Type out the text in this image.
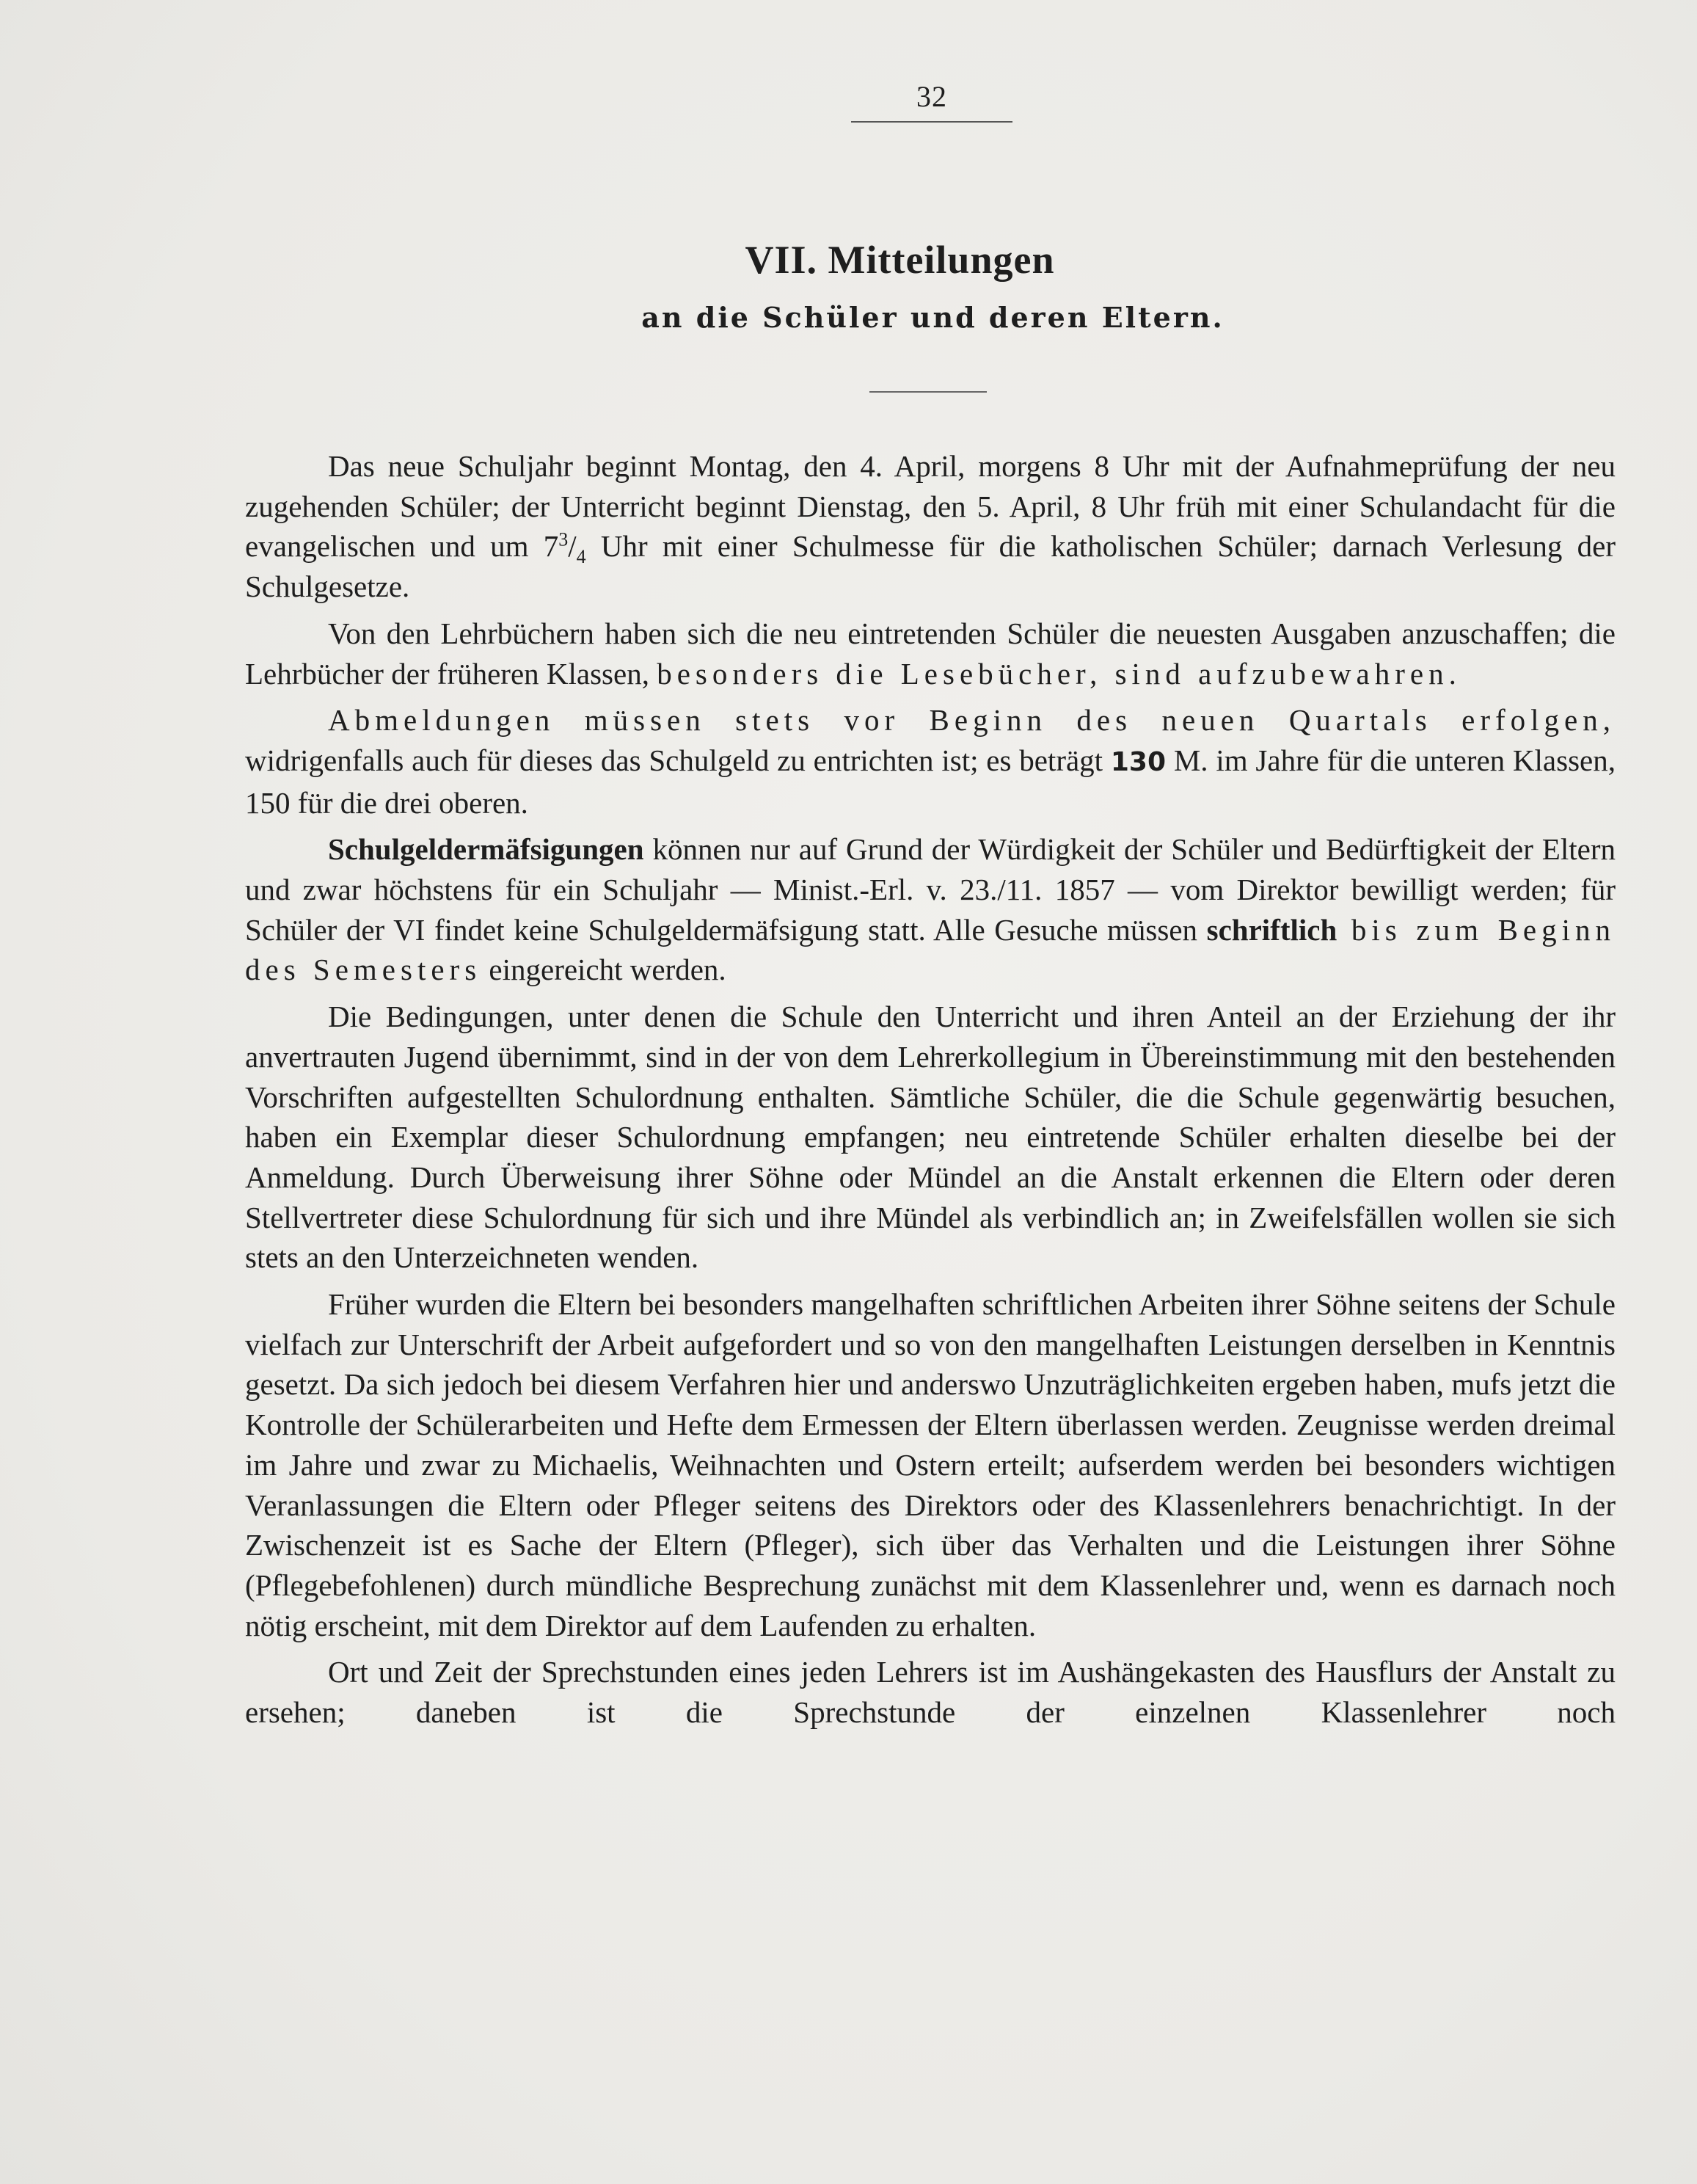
32
VII. Mitteilungen
an die Schüler und deren Eltern.

Das neue Schuljahr beginnt Montag, den 4. April, morgens 8 Uhr mit der Aufnahmeprüfung der neu zugehenden Schüler; der Unterricht beginnt Dienstag, den 5. April, 8 Uhr früh mit einer Schulandacht für die evangelischen und um $7^3/_4$ Uhr mit einer Schulmesse für die katholischen Schüler; darnach Verlesung der Schulgesetze.

Von den Lehrbüchern haben sich die neu eintretenden Schüler die neuesten Ausgaben anzuschaffen; die Lehrbücher der früheren Klassen, besonders die Lesebücher, sind aufzubewahren.

Abmeldungen müssen stets vor Beginn des neuen Quartals erfolgen, widrigenfalls auch für dieses das Schulgeld zu entrichten ist; es beträgt 130 M. im Jahre für die unteren Klassen, 150 für die drei oberen.

Schulgeldermäfsigungen können nur auf Grund der Würdigkeit der Schüler und Bedürftigkeit der Eltern und zwar höchstens für ein Schuljahr — Minist.-Erl. v. 23./11. 1857 — vom Direktor bewilligt werden; für Schüler der VI findet keine Schulgeldermäfsigung statt. Alle Gesuche müssen schriftlich bis zum Beginn des Semesters eingereicht werden.

Die Bedingungen, unter denen die Schule den Unterricht und ihren Anteil an der Erziehung der ihr anvertrauten Jugend übernimmt, sind in der von dem Lehrerkollegium in Übereinstimmung mit den bestehenden Vorschriften aufgestellten Schulordnung enthalten. Sämtliche Schüler, die die Schule gegenwärtig besuchen, haben ein Exemplar dieser Schulordnung empfangen; neu eintretende Schüler erhalten dieselbe bei der Anmeldung. Durch Überweisung ihrer Söhne oder Mündel an die Anstalt erkennen die Eltern oder deren Stellvertreter diese Schulordnung für sich und ihre Mündel als verbindlich an; in Zweifelsfällen wollen sie sich stets an den Unterzeichneten wenden.

Früher wurden die Eltern bei besonders mangelhaften schriftlichen Arbeiten ihrer Söhne seitens der Schule vielfach zur Unterschrift der Arbeit aufgefordert und so von den mangelhaften Leistungen derselben in Kenntnis gesetzt. Da sich jedoch bei diesem Verfahren hier und anderswo Unzuträglichkeiten ergeben haben, mufs jetzt die Kontrolle der Schülerarbeiten und Hefte dem Ermessen der Eltern überlassen werden. Zeugnisse werden dreimal im Jahre und zwar zu Michaelis, Weihnachten und Ostern erteilt; aufserdem werden bei besonders wichtigen Veranlassungen die Eltern oder Pfleger seitens des Direktors oder des Klassenlehrers benachrichtigt. In der Zwischenzeit ist es Sache der Eltern (Pfleger), sich über das Verhalten und die Leistungen ihrer Söhne (Pflegebefohlenen) durch mündliche Besprechung zunächst mit dem Klassenlehrer und, wenn es darnach noch nötig erscheint, mit dem Direktor auf dem Laufenden zu erhalten.

Ort und Zeit der Sprechstunden eines jeden Lehrers ist im Aushängekasten des Hausflurs der Anstalt zu ersehen; daneben ist die Sprechstunde der einzelnen Klassenlehrer noch
